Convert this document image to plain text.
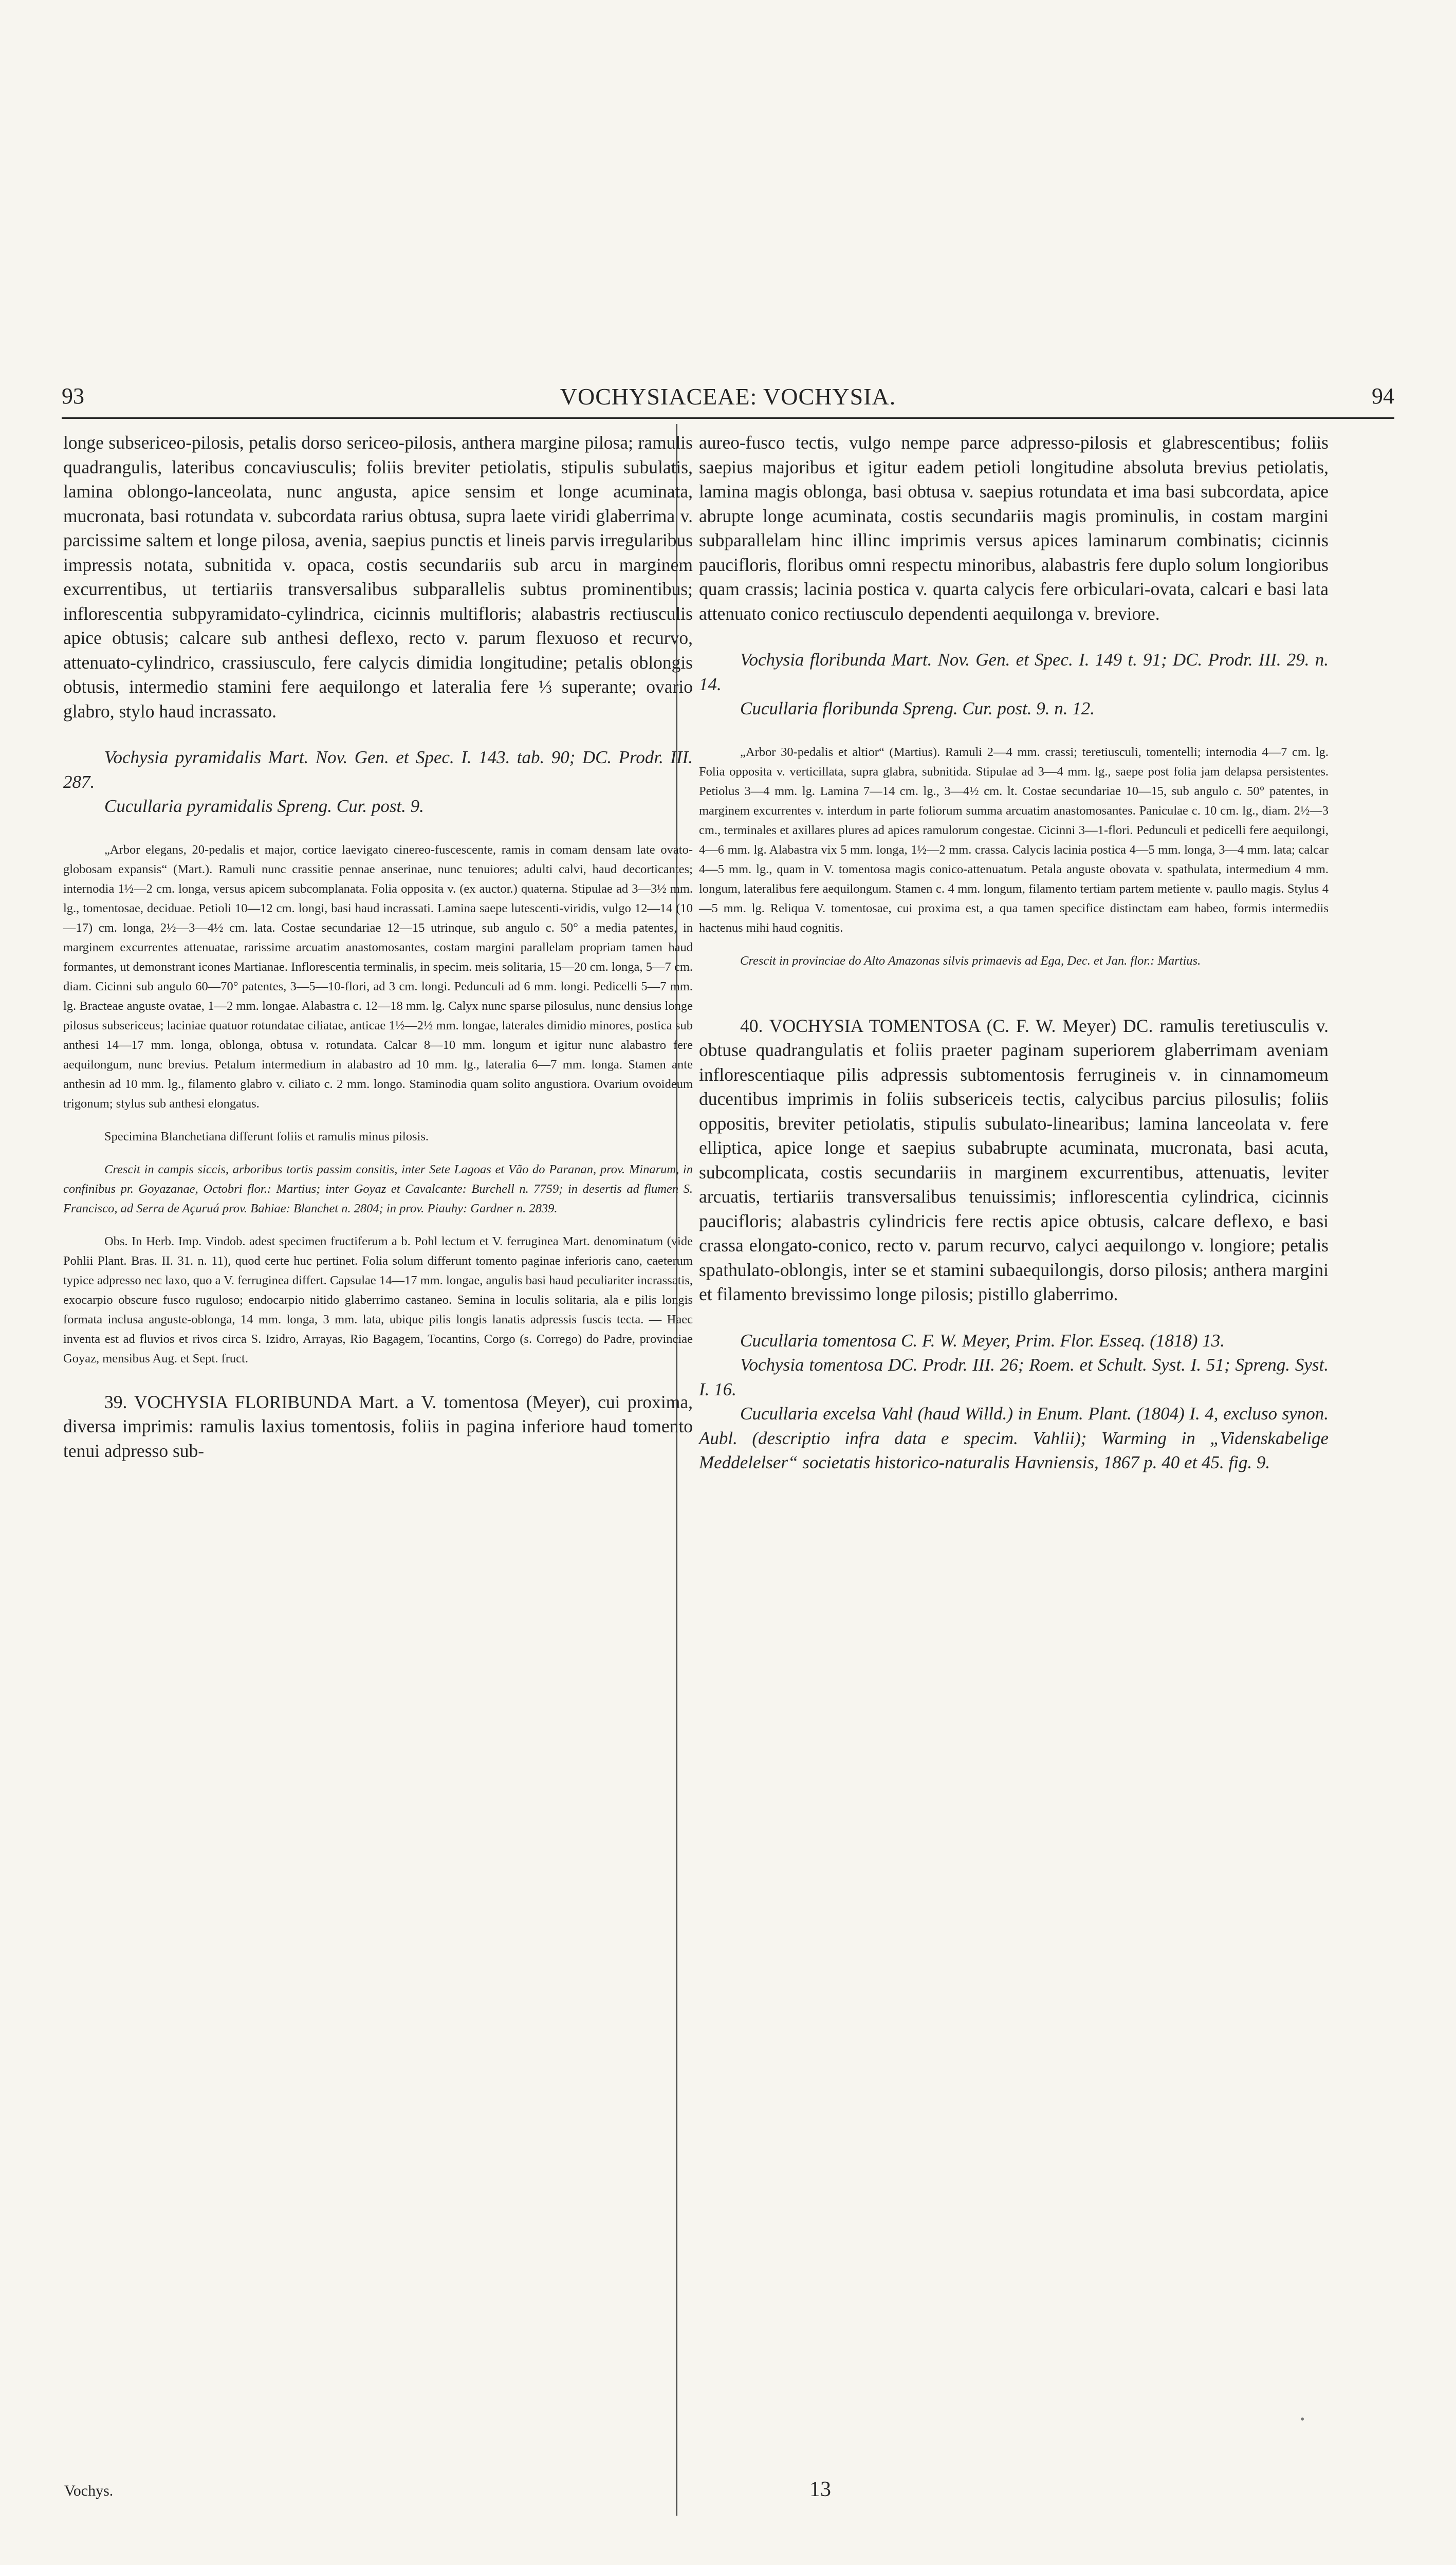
93	VOCHYSIACEAE: VOCHYSIA.	94

longe subsericeo-pilosis, petalis dorso sericeo-pilosis, anthera margine pilosa; ramulis quadrangulis, lateribus concaviusculis; foliis breviter petiolatis, stipulis subulatis, lamina oblongo-lanceolata, nunc angusta, apice sensim et longe acuminata, mucronata, basi rotundata v. subcordata rarius obtusa, supra laete viridi glaberrima v. parcissime saltem et longe pilosa, avenia, saepius punctis et lineis parvis irregularibus impressis notata, subnitida v. opaca, costis secundariis sub arcu in marginem excurrentibus, ut tertiariis transversalibus subparallelis subtus prominentibus; inflorescentia subpyramidato-cylindrica, cicinnis multifloris; alabastris rectiusculis apice obtusis; calcare sub anthesi deflexo, recto v. parum flexuoso et recurvo, attenuato-cylindrico, crassiusculo, fere calycis dimidia longitudine; petalis oblongis obtusis, intermedio stamini fere aequilongo et lateralia fere ⅓ superante; ovario glabro, stylo haud incrassato.

Vochysia pyramidalis Mart. Nov. Gen. et Spec. I. 143. tab. 90; DC. Prodr. III. 287.

Cucullaria pyramidalis Spreng. Cur. post. 9.

„Arbor elegans, 20-pedalis et major, cortice laevigato cinereo-fuscescente, ramis in comam densam late ovato-globosam expansis“ (Mart.). Ramuli nunc crassitie pennae anserinae, nunc tenuiores; adulti calvi, haud decorticantes; internodia 1½—2 cm. longa, versus apicem subcomplanata. Folia opposita v. (ex auctor.) quaterna. Stipulae ad 3—3½ mm. lg., tomentosae, deciduae. Petioli 10—12 cm. longi, basi haud incrassati. Lamina saepe lutescenti-viridis, vulgo 12—14 (10—17) cm. longa, 2½—3—4½ cm. lata. Costae secundariae 12—15 utrinque, sub angulo c. 50° a media patentes, in marginem excurrentes attenuatae, rarissime arcuatim anastomosantes, costam margini parallelam propriam tamen haud formantes, ut demonstrant icones Martianae. Inflorescentia terminalis, in specim. meis solitaria, 15—20 cm. longa, 5—7 cm. diam. Cicinni sub angulo 60—70° patentes, 3—5—10-flori, ad 3 cm. longi. Pedunculi ad 6 mm. longi. Pedicelli 5—7 mm. lg. Bracteae anguste ovatae, 1—2 mm. longae. Alabastra c. 12—18 mm. lg. Calyx nunc sparse pilosulus, nunc densius longe pilosus subsericeus; laciniae quatuor rotundatae ciliatae, anticae 1½—2½ mm. longae, laterales dimidio minores, postica sub anthesi 14—17 mm. longa, oblonga, obtusa v. rotundata. Calcar 8—10 mm. longum et igitur nunc alabastro fere aequilongum, nunc brevius. Petalum intermedium in alabastro ad 10 mm. lg., lateralia 6—7 mm. longa. Stamen ante anthesin ad 10 mm. lg., filamento glabro v. ciliato c. 2 mm. longo. Staminodia quam solito angustiora. Ovarium ovoideum trigonum; stylus sub anthesi elongatus.

Specimina Blanchetiana differunt foliis et ramulis minus pilosis.

Crescit in campis siccis, arboribus tortis passim consitis, inter Sete Lagoas et Vão do Paranan, prov. Minarum, in confinibus pr. Goyazanae, Octobri flor.: Martius; inter Goyaz et Cavalcante: Burchell n. 7759; in desertis ad flumen S. Francisco, ad Serra de Açuruá prov. Bahiae: Blanchet n. 2804; in prov. Piauhy: Gardner n. 2839.

Obs. In Herb. Imp. Vindob. adest specimen fructiferum a b. Pohl lectum et V. ferruginea Mart. denominatum (vide Pohlii Plant. Bras. II. 31. n. 11), quod certe huc pertinet. Folia solum differunt tomento paginae inferioris cano, caeterum typice adpresso nec laxo, quo a V. ferruginea differt. Capsulae 14—17 mm. longae, angulis basi haud peculiariter incrassatis, exocarpio obscure fusco ruguloso; endocarpio nitido glaberrimo castaneo. Semina in loculis solitaria, ala e pilis longis formata inclusa anguste-oblonga, 14 mm. longa, 3 mm. lata, ubique pilis longis lanatis adpressis fuscis tecta. — Haec inventa est ad fluvios et rivos circa S. Izidro, Arrayas, Rio Bagagem, Tocantins, Corgo (s. Corrego) do Padre, provinciae Goyaz, mensibus Aug. et Sept. fruct.

39. VOCHYSIA FLORIBUNDA Mart. a V. tomentosa (Meyer), cui proxima, diversa imprimis: ramulis laxius tomentosis, foliis in pagina inferiore haud tomento tenui adpresso sub-

aureo-fusco tectis, vulgo nempe parce adpresso-pilosis et glabrescentibus; foliis saepius majoribus et igitur eadem petioli longitudine absoluta brevius petiolatis, lamina magis oblonga, basi obtusa v. saepius rotundata et ima basi subcordata, apice abrupte longe acuminata, costis secundariis magis prominulis, in costam margini subparallelam hinc illinc imprimis versus apices laminarum combinatis; cicinnis paucifloris, floribus omni respectu minoribus, alabastris fere duplo solum longioribus quam crassis; lacinia postica v. quarta calycis fere orbiculari-ovata, calcari e basi lata attenuato conico rectiusculo dependenti aequilonga v. breviore.

Vochysia floribunda Mart. Nov. Gen. et Spec. I. 149 t. 91; DC. Prodr. III. 29. n. 14.

Cucullaria floribunda Spreng. Cur. post. 9. n. 12.

„Arbor 30-pedalis et altior“ (Martius). Ramuli 2—4 mm. crassi; teretiusculi, tomentelli; internodia 4—7 cm. lg. Folia opposita v. verticillata, supra glabra, subnitida. Stipulae ad 3—4 mm. lg., saepe post folia jam delapsa persistentes. Petiolus 3—4 mm. lg. Lamina 7—14 cm. lg., 3—4½ cm. lt. Costae secundariae 10—15, sub angulo c. 50° patentes, in marginem excurrentes v. interdum in parte foliorum summa arcuatim anastomosantes. Paniculae c. 10 cm. lg., diam. 2½—3 cm., terminales et axillares plures ad apices ramulorum congestae. Cicinni 3—1-flori. Pedunculi et pedicelli fere aequilongi, 4—6 mm. lg. Alabastra vix 5 mm. longa, 1½—2 mm. crassa. Calycis lacinia postica 4—5 mm. longa, 3—4 mm. lata; calcar 4—5 mm. lg., quam in V. tomentosa magis conico-attenuatum. Petala anguste obovata v. spathulata, intermedium 4 mm. longum, lateralibus fere aequilongum. Stamen c. 4 mm. longum, filamento tertiam partem metiente v. paullo magis. Stylus 4—5 mm. lg. Reliqua V. tomentosae, cui proxima est, a qua tamen specifice distinctam eam habeo, formis intermediis hactenus mihi haud cognitis.

Crescit in provinciae do Alto Amazonas silvis primaevis ad Ega, Dec. et Jan. flor.: Martius.

40. VOCHYSIA TOMENTOSA (C. F. W. Meyer) DC. ramulis teretiusculis v. obtuse quadrangulatis et foliis praeter paginam superiorem glaberrimam aveniam inflorescentiaque pilis adpressis subtomentosis ferrugineis v. in cinnamomeum ducentibus imprimis in foliis subsericeis tectis, calycibus parcius pilosulis; foliis oppositis, breviter petiolatis, stipulis subulato-linearibus; lamina lanceolata v. fere elliptica, apice longe et saepius subabrupte acuminata, mucronata, basi acuta, subcomplicata, costis secundariis in marginem excurrentibus, attenuatis, leviter arcuatis, tertiariis transversalibus tenuissimis; inflorescentia cylindrica, cicinnis paucifloris; alabastris cylindricis fere rectis apice obtusis, calcare deflexo, e basi crassa elongato-conico, recto v. parum recurvo, calyci aequilongo v. longiore; petalis spathulato-oblongis, inter se et stamini subaequilongis, dorso pilosis; anthera margini et filamento brevissimo longe pilosis; pistillo glaberrimo.

Cucullaria tomentosa C. F. W. Meyer, Prim. Flor. Esseq. (1818) 13.

Vochysia tomentosa DC. Prodr. III. 26; Roem. et Schult. Syst. I. 51; Spreng. Syst. I. 16.

Cucullaria excelsa Vahl (haud Willd.) in Enum. Plant. (1804) I. 4, excluso synon. Aubl. (descriptio infra data e specim. Vahlii); Warming in „Videnskabelige Meddelelser“ societatis historico-naturalis Havniensis, 1867 p. 40 et 45. fig. 9.

Vochys.	13
•
